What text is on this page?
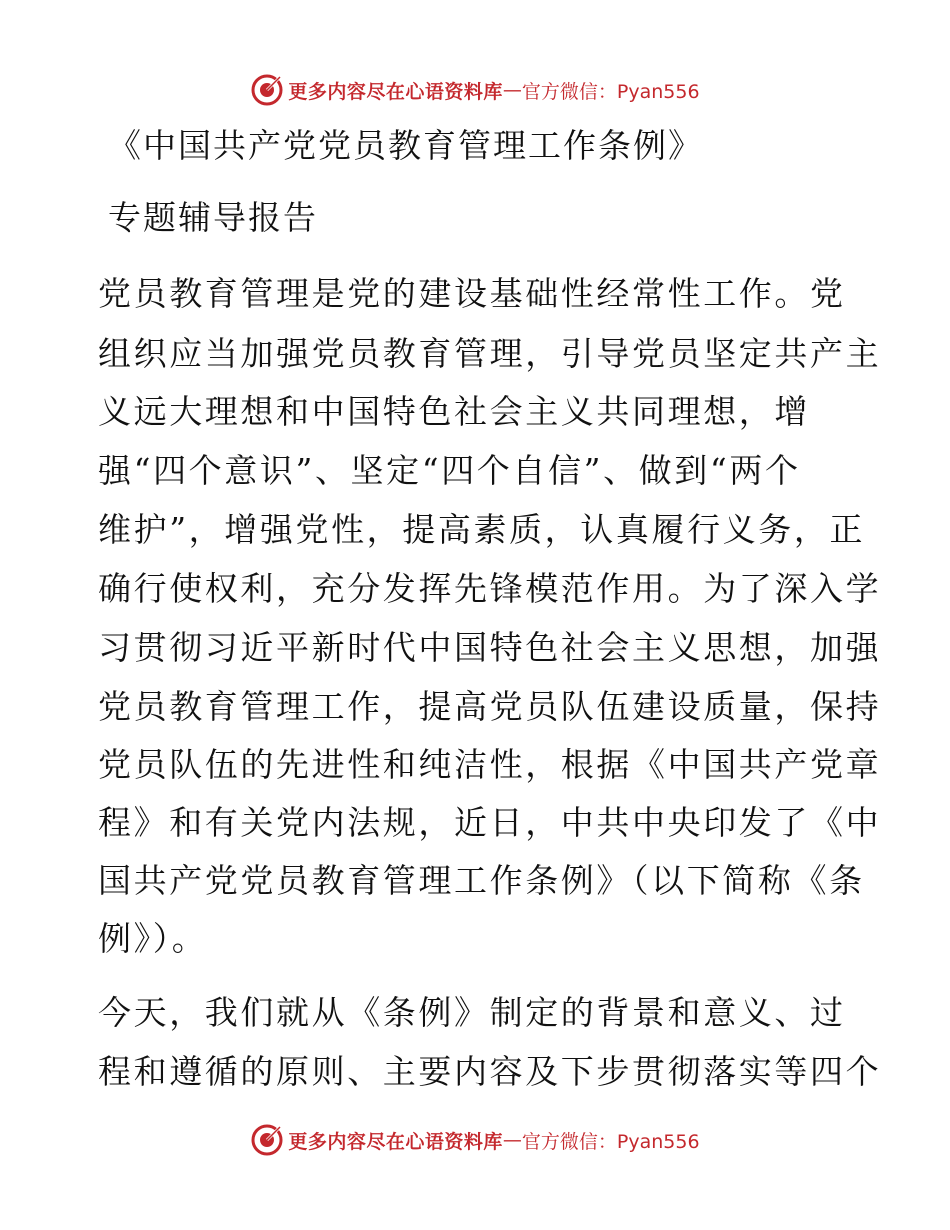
更多内容尽在心语资料库 — 官方微信：Pyan556
《中国共产党党员教育管理工作条例》
专题辅导报告
党员教育管理是党的建设基础性经常性工作。党
组织应当加强党员教育管理，引导党员坚定共产主
义远大理想和中国特色社会主义共同理想，增
强“四个意识”、坚定“四个自信”、做到“两个
维护”，增强党性，提高素质，认真履行义务，正
确行使权利，充分发挥先锋模范作用。为了深入学
习贯彻习近平新时代中国特色社会主义思想，加强
党员教育管理工作，提高党员队伍建设质量，保持
党员队伍的先进性和纯洁性，根据《中国共产党章
程》和有关党内法规，近日，中共中央印发了《中
国共产党党员教育管理工作条例》（以下简称《条
例》）。
今天，我们就从《条例》制定的背景和意义、过
程和遵循的原则、主要内容及下步贯彻落实等四个
更多内容尽在心语资料库 — 官方微信：Pyan556
